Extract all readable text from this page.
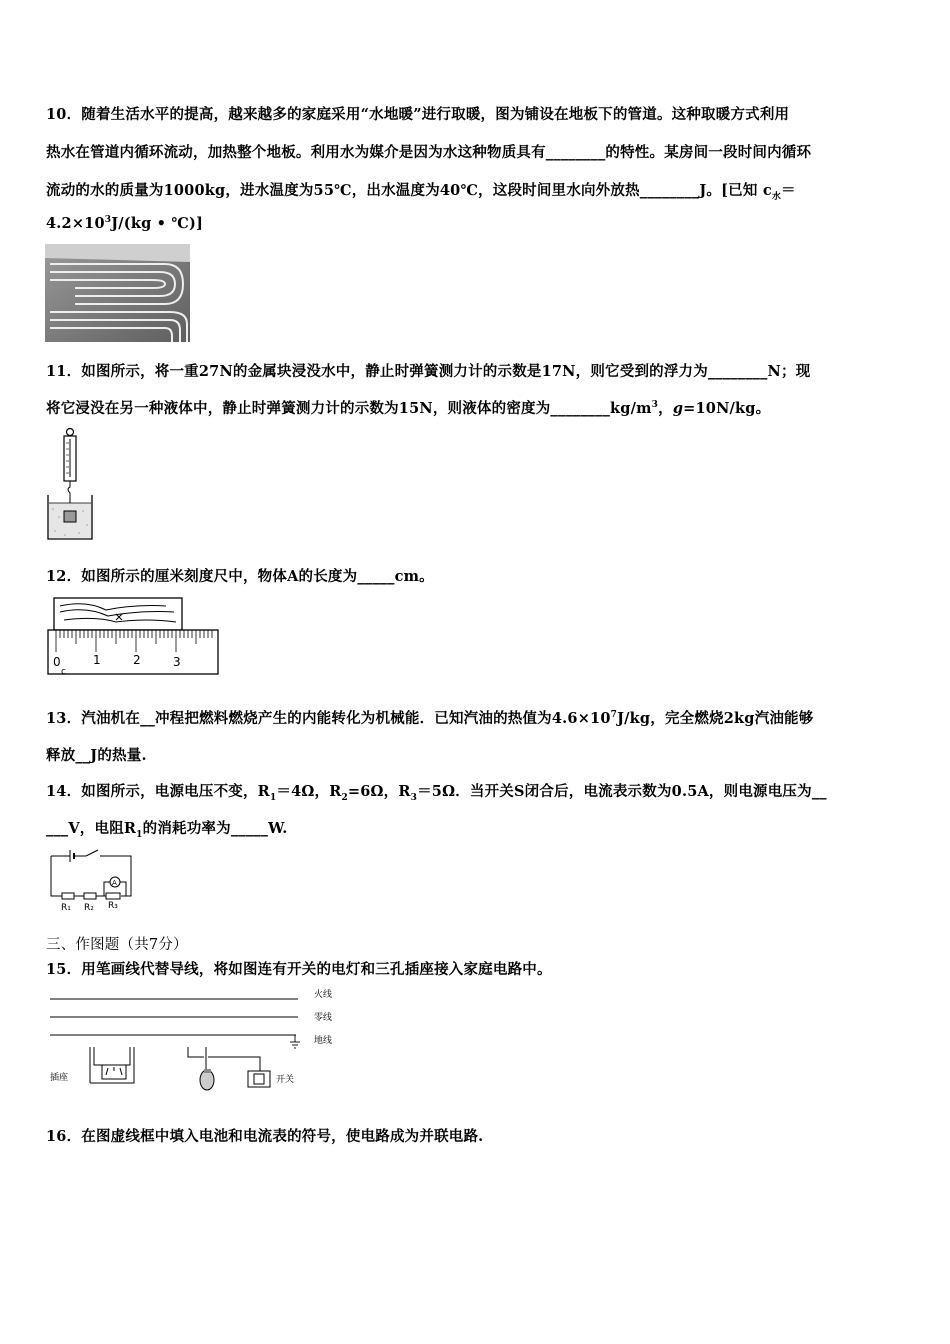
10．随着生活水平的提高，越来越多的家庭采用“水地暖”进行取暖，图为铺设在地板下的管道。这种取暖方式利用
热水在管道内循环流动，加热整个地板。利用水为媒介是因为水这种物质具有________的特性。某房间一段时间内循环
流动的水的质量为1000kg，进水温度为55℃，出水温度为40℃，这段时间里水向外放热________J。[已知 $c_水=$
$4.2\times 10^3J/(kg$ • ℃)]
11．如图所示，将一重27N的金属块浸没水中，静止时弹簧测力计的示数是17N，则它受到的浮力为________N；现
将它浸没在另一种液体中，静止时弹簧测力计的示数为15N，则液体的密度为$\_\_\_\_\_\_\_\_kg/m^3$，g=10N/kg。
12．如图所示的厘米刻度尺中，物体A的长度为_____cm。
0	1	2	3
c
13．汽油机在__冲程把燃料燃烧产生的内能转化为机械能．已知汽油的热值为$4.6\times 10^7J/kg$，完全燃烧2kg汽油能够
释放__J的热量.
14．如图所示，电源电压不变，$R_1=4\Omega$，$R_2=6\Omega$，$R_3=5\Omega$．当开关S闭合后，电流表示数为0.5A，则电源电压为__
___V，电阻$R_1$的消耗功率为_____W.
A
R₁ R₂ R₃
三、作图题（共7分）
15．用笔画线代替导线，将如图连有开关的电灯和三孔插座接入家庭电路中。
火线
零线
地线
插座	开关
16．在图虚线框中填入电池和电流表的符号，使电路成为并联电路.
